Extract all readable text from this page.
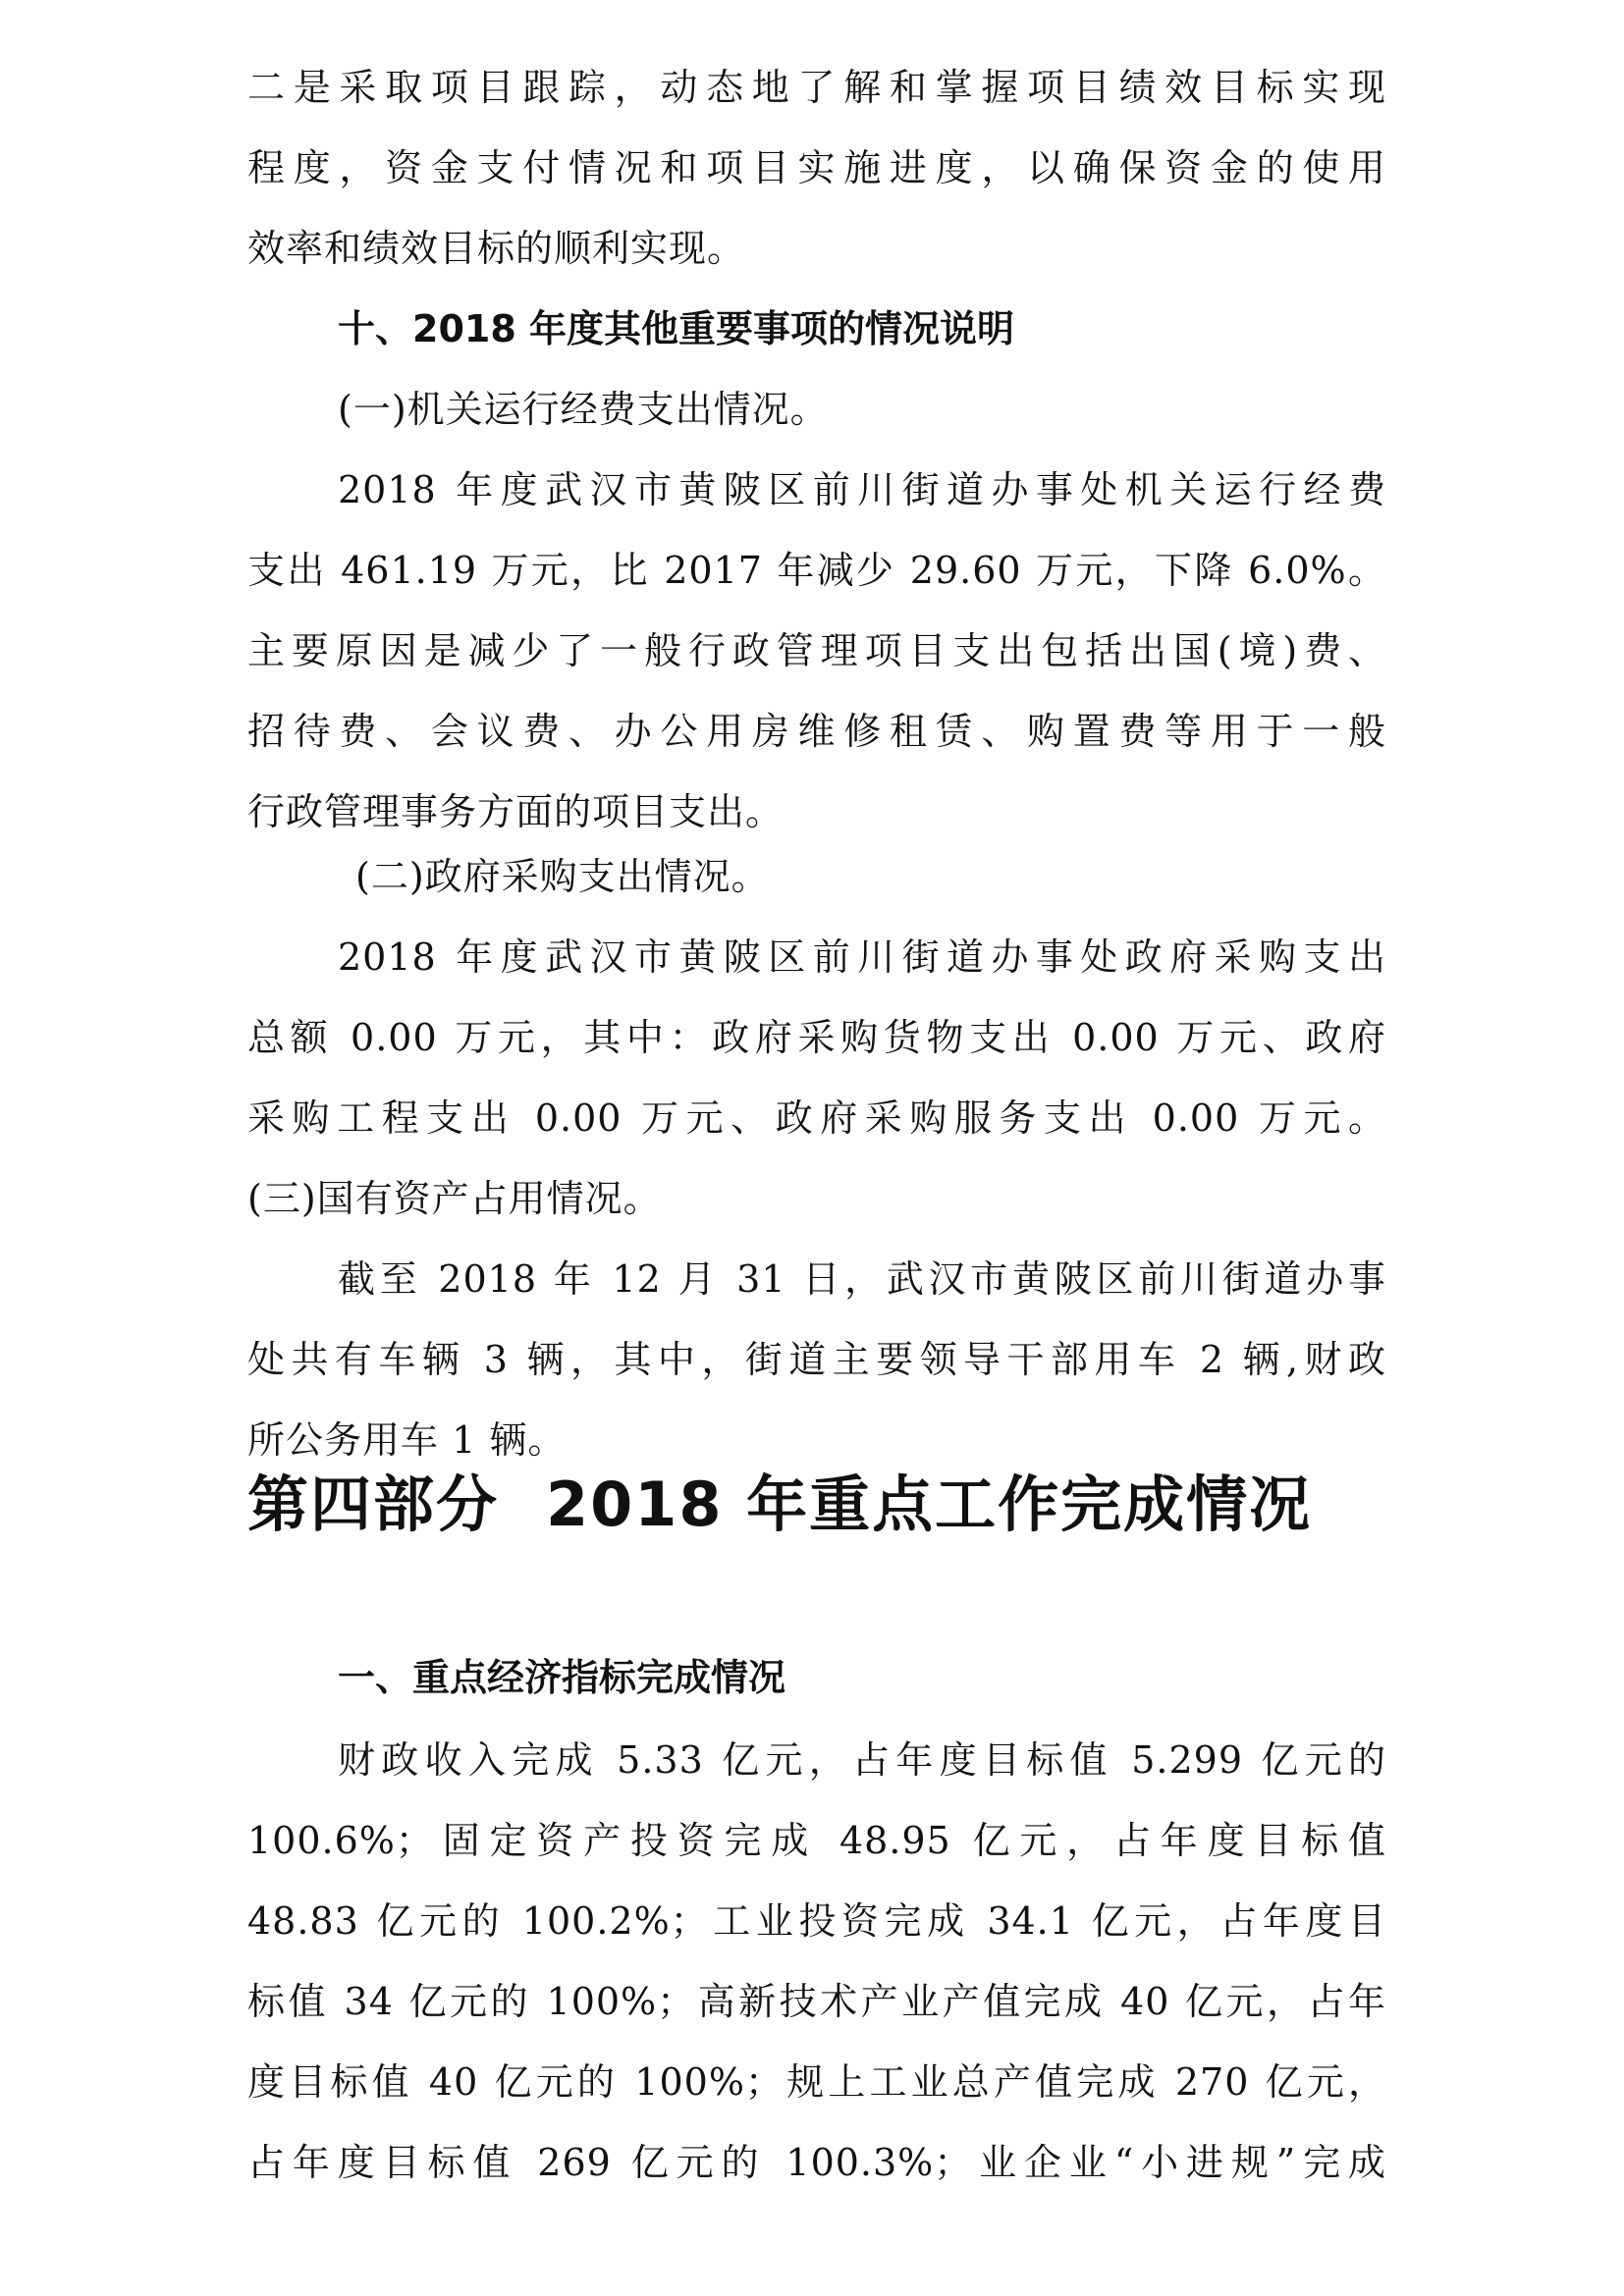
二是采取项目跟踪，动态地了解和掌握项目绩效目标实现
程度，资金支付情况和项目实施进度，以确保资金的使用
效率和绩效目标的顺利实现。
十、2018 年度其他重要事项的情况说明
(一)机关运行经费支出情况。
2018 年度武汉市黄陂区前川街道办事处机关运行经费
支出 461.19 万元，比 2017 年减少 29.60 万元，下降 6.0%。
主要原因是减少了一般行政管理项目支出包括出国(境)费、
招待费、会议费、办公用房维修租赁、购置费等用于一般
行政管理事务方面的项目支出。
(二)政府采购支出情况。
2018 年度武汉市黄陂区前川街道办事处政府采购支出
总额 0.00 万元，其中：政府采购货物支出 0.00 万元、政府
采购工程支出 0.00 万元、政府采购服务支出 0.00 万元。
(三)国有资产占用情况。
截至 2018 年 12 月 31 日，武汉市黄陂区前川街道办事
处共有车辆 3 辆，其中，街道主要领导干部用车 2 辆,财政
所公务用车 1 辆。
第四部分 2018 年重点工作完成情况
一、重点经济指标完成情况
财政收入完成 5.33 亿元，占年度目标值 5.299 亿元的
100.6%；固定资产投资完成 48.95 亿元，占年度目标值
48.83 亿元的 100.2%；工业投资完成 34.1 亿元，占年度目
标值 34 亿元的 100%；高新技术产业产值完成 40 亿元，占年
度目标值 40 亿元的 100%；规上工业总产值完成 270 亿元，
占年度目标值 269 亿元的 100.3%；业企业“小进规”完成
